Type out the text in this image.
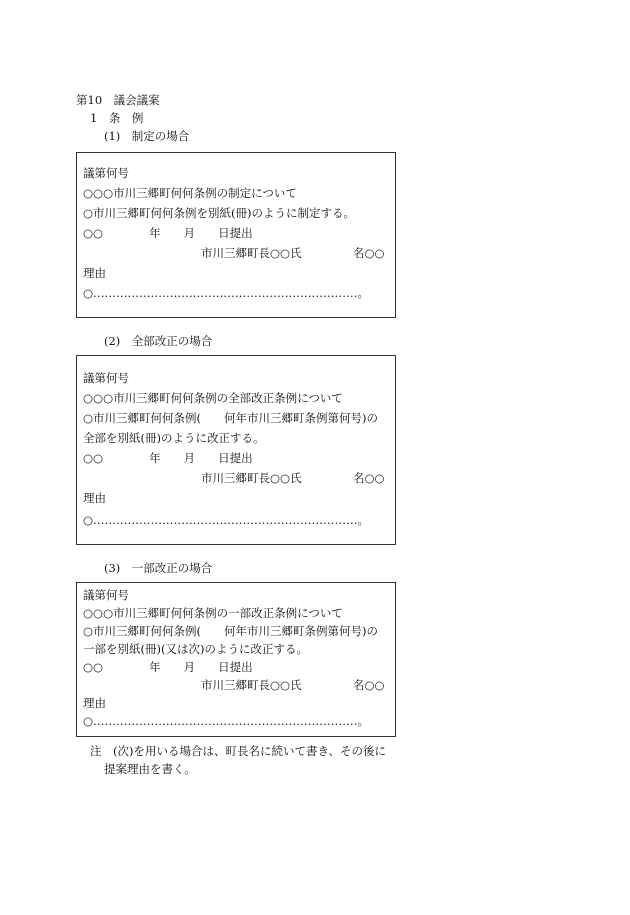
第10　議会議案
1　条　例
(1)　制定の場合
議第何号
○○○市川三郷町何何条例の制定について
○市川三郷町何何条例を別紙(冊)のように制定する。
○○　　　　年　　月　　日提出
市川三郷町長○○氏	名○○
理由
○……………………………………………………………。
(2)　全部改正の場合
議第何号
○○○市川三郷町何何条例の全部改正条例について
○市川三郷町何何条例(　　何年市川三郷町条例第何号)の
全部を別紙(冊)のように改正する。
○○　　　　年　　月　　日提出
市川三郷町長○○氏	名○○
理由
○……………………………………………………………。
(3)　一部改正の場合
議第何号
○○○市川三郷町何何条例の一部改正条例について
○市川三郷町何何条例(　　何年市川三郷町条例第何号)の
一部を別紙(冊)(又は次)のように改正する。
○○　　　　年　　月　　日提出
市川三郷町長○○氏	名○○
理由
○……………………………………………………………。
注　(次)を用いる場合は、町長名に続いて書き、その後に
提案理由を書く。
